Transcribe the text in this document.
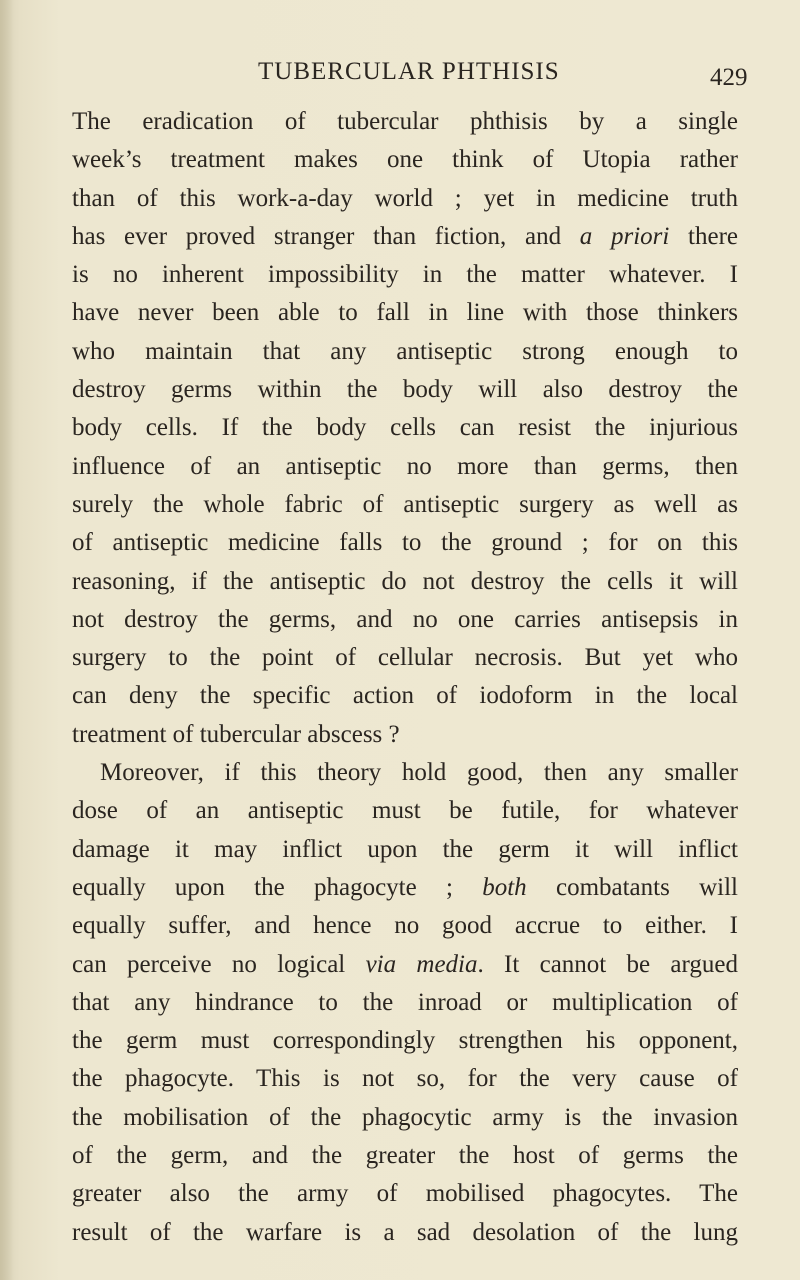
TUBERCULAR PHTHISIS	429
The eradication of tubercular phthisis by a single
week’s treatment makes one think of Utopia rather
than of this work-a-day world ; yet in medicine truth
has ever proved stranger than fiction, and a priori there
is no inherent impossibility in the matter whatever. I
have never been able to fall in line with those thinkers
who maintain that any antiseptic strong enough to
destroy germs within the body will also destroy the
body cells. If the body cells can resist the injurious
influence of an antiseptic no more than germs, then
surely the whole fabric of antiseptic surgery as well as
of antiseptic medicine falls to the ground ; for on this
reasoning, if the antiseptic do not destroy the cells it will
not destroy the germs, and no one carries antisepsis in
surgery to the point of cellular necrosis. But yet who
can deny the specific action of iodoform in the local
treatment of tubercular abscess ?
Moreover, if this theory hold good, then any smaller
dose of an antiseptic must be futile, for whatever
damage it may inflict upon the germ it will inflict
equally upon the phagocyte ; both combatants will
equally suffer, and hence no good accrue to either. I
can perceive no logical via media. It cannot be argued
that any hindrance to the inroad or multiplication of
the germ must correspondingly strengthen his opponent,
the phagocyte. This is not so, for the very cause of
the mobilisation of the phagocytic army is the invasion
of the germ, and the greater the host of germs the
greater also the army of mobilised phagocytes. The
result of the warfare is a sad desolation of the lung
